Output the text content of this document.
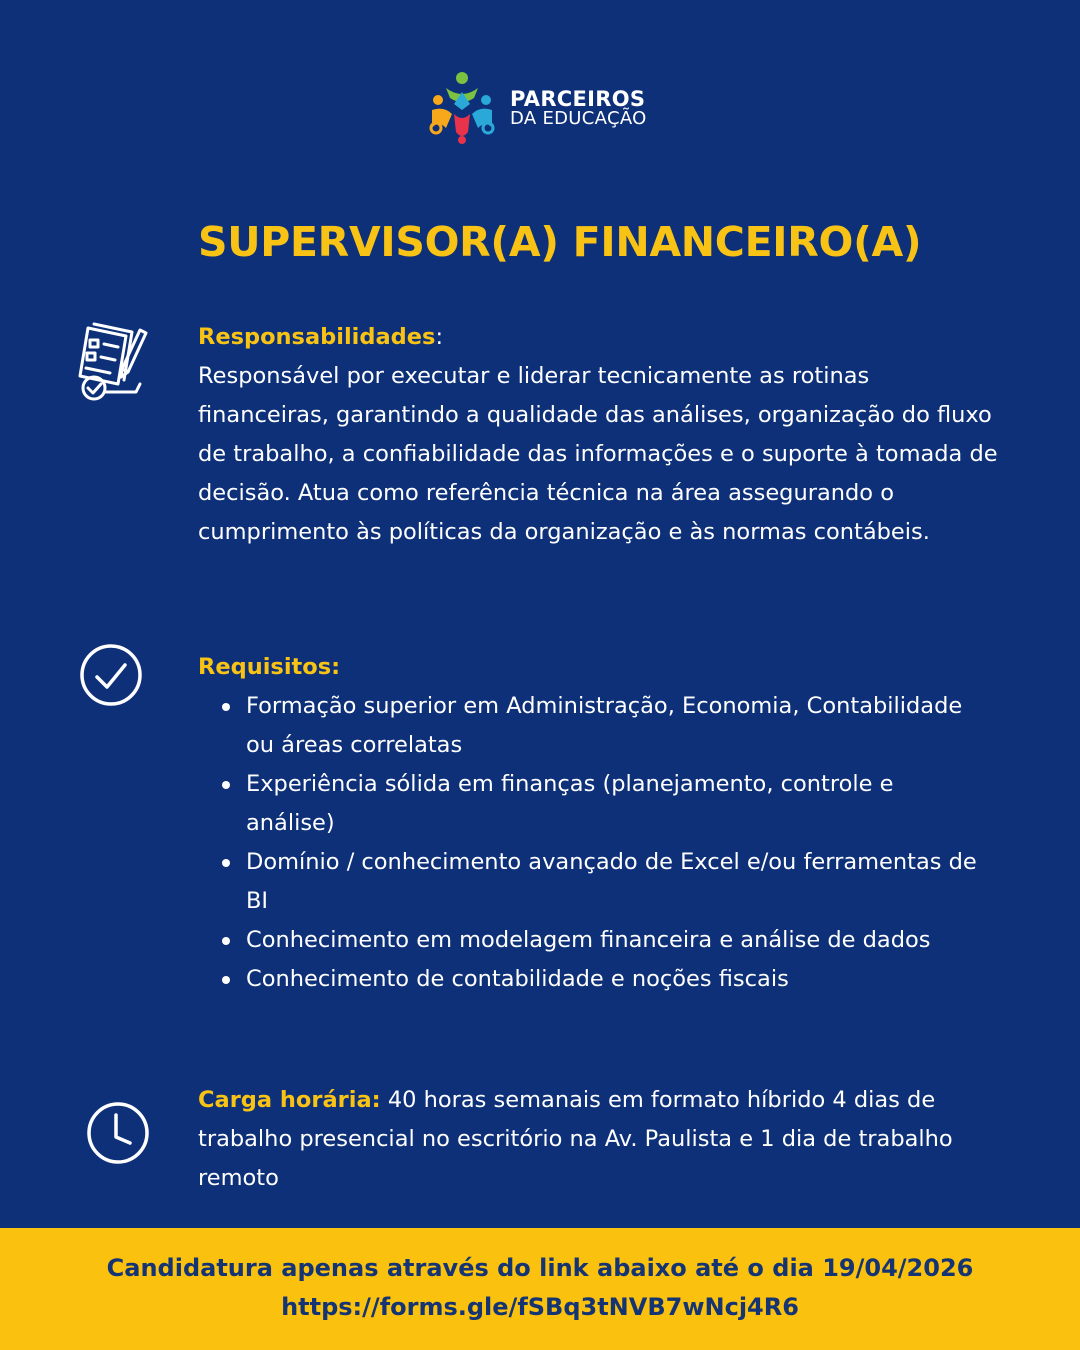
PARCEIROS
DA EDUCAÇÃO
SUPERVISOR(A) FINANCEIRO(A)
Responsabilidades:
Responsável por executar e liderar tecnicamente as rotinas financeiras, garantindo a qualidade das análises, organização do fluxo de trabalho, a confiabilidade das informações e o suporte à tomada de decisão. Atua como referência técnica na área assegurando o cumprimento às políticas da organização e às normas contábeis.
Requisitos:
Formação superior em Administração, Economia, Contabilidade ou áreas correlatas
Experiência sólida em finanças (planejamento, controle e análise)
Domínio / conhecimento avançado de Excel e/ou ferramentas de BI
Conhecimento em modelagem financeira e análise de dados
Conhecimento de contabilidade e noções fiscais
Carga horária: 40 horas semanais em formato híbrido 4 dias de trabalho presencial no escritório na Av. Paulista e 1 dia de trabalho remoto
Candidatura apenas através do link abaixo até o dia 19/04/2026
https://forms.gle/fSBq3tNVB7wNcj4R6
